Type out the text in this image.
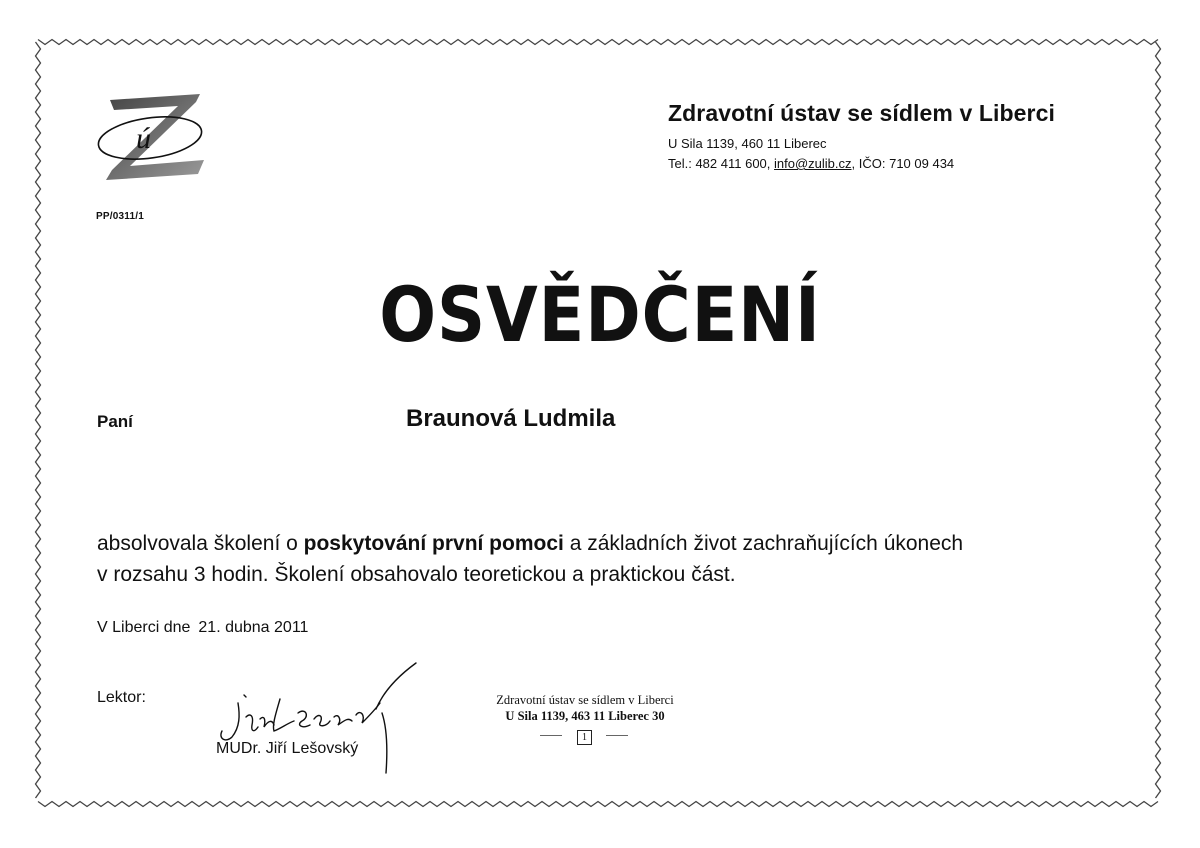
ú
PP/0311/1
Zdravotní ústav se sídlem v Liberci
U Sila 1139, 460 11 Liberec
Tel.: 482 411 600, info@zulib.cz, IČO: 710 09 434
OSVĚDČENÍ
Paní	Braunová Ludmila
absolvovala školení o poskytování první pomoci a základních život zachraňujících úkonech
v rozsahu 3 hodin. Školení obsahovalo teoretickou a praktickou část.
V Liberci dne 21. dubna 2011
Lektor:
MUDr. Jiří Lešovský
Zdravotní ústav se sídlem v Liberci
U Sila 1139, 463 11 Liberec 30
1
